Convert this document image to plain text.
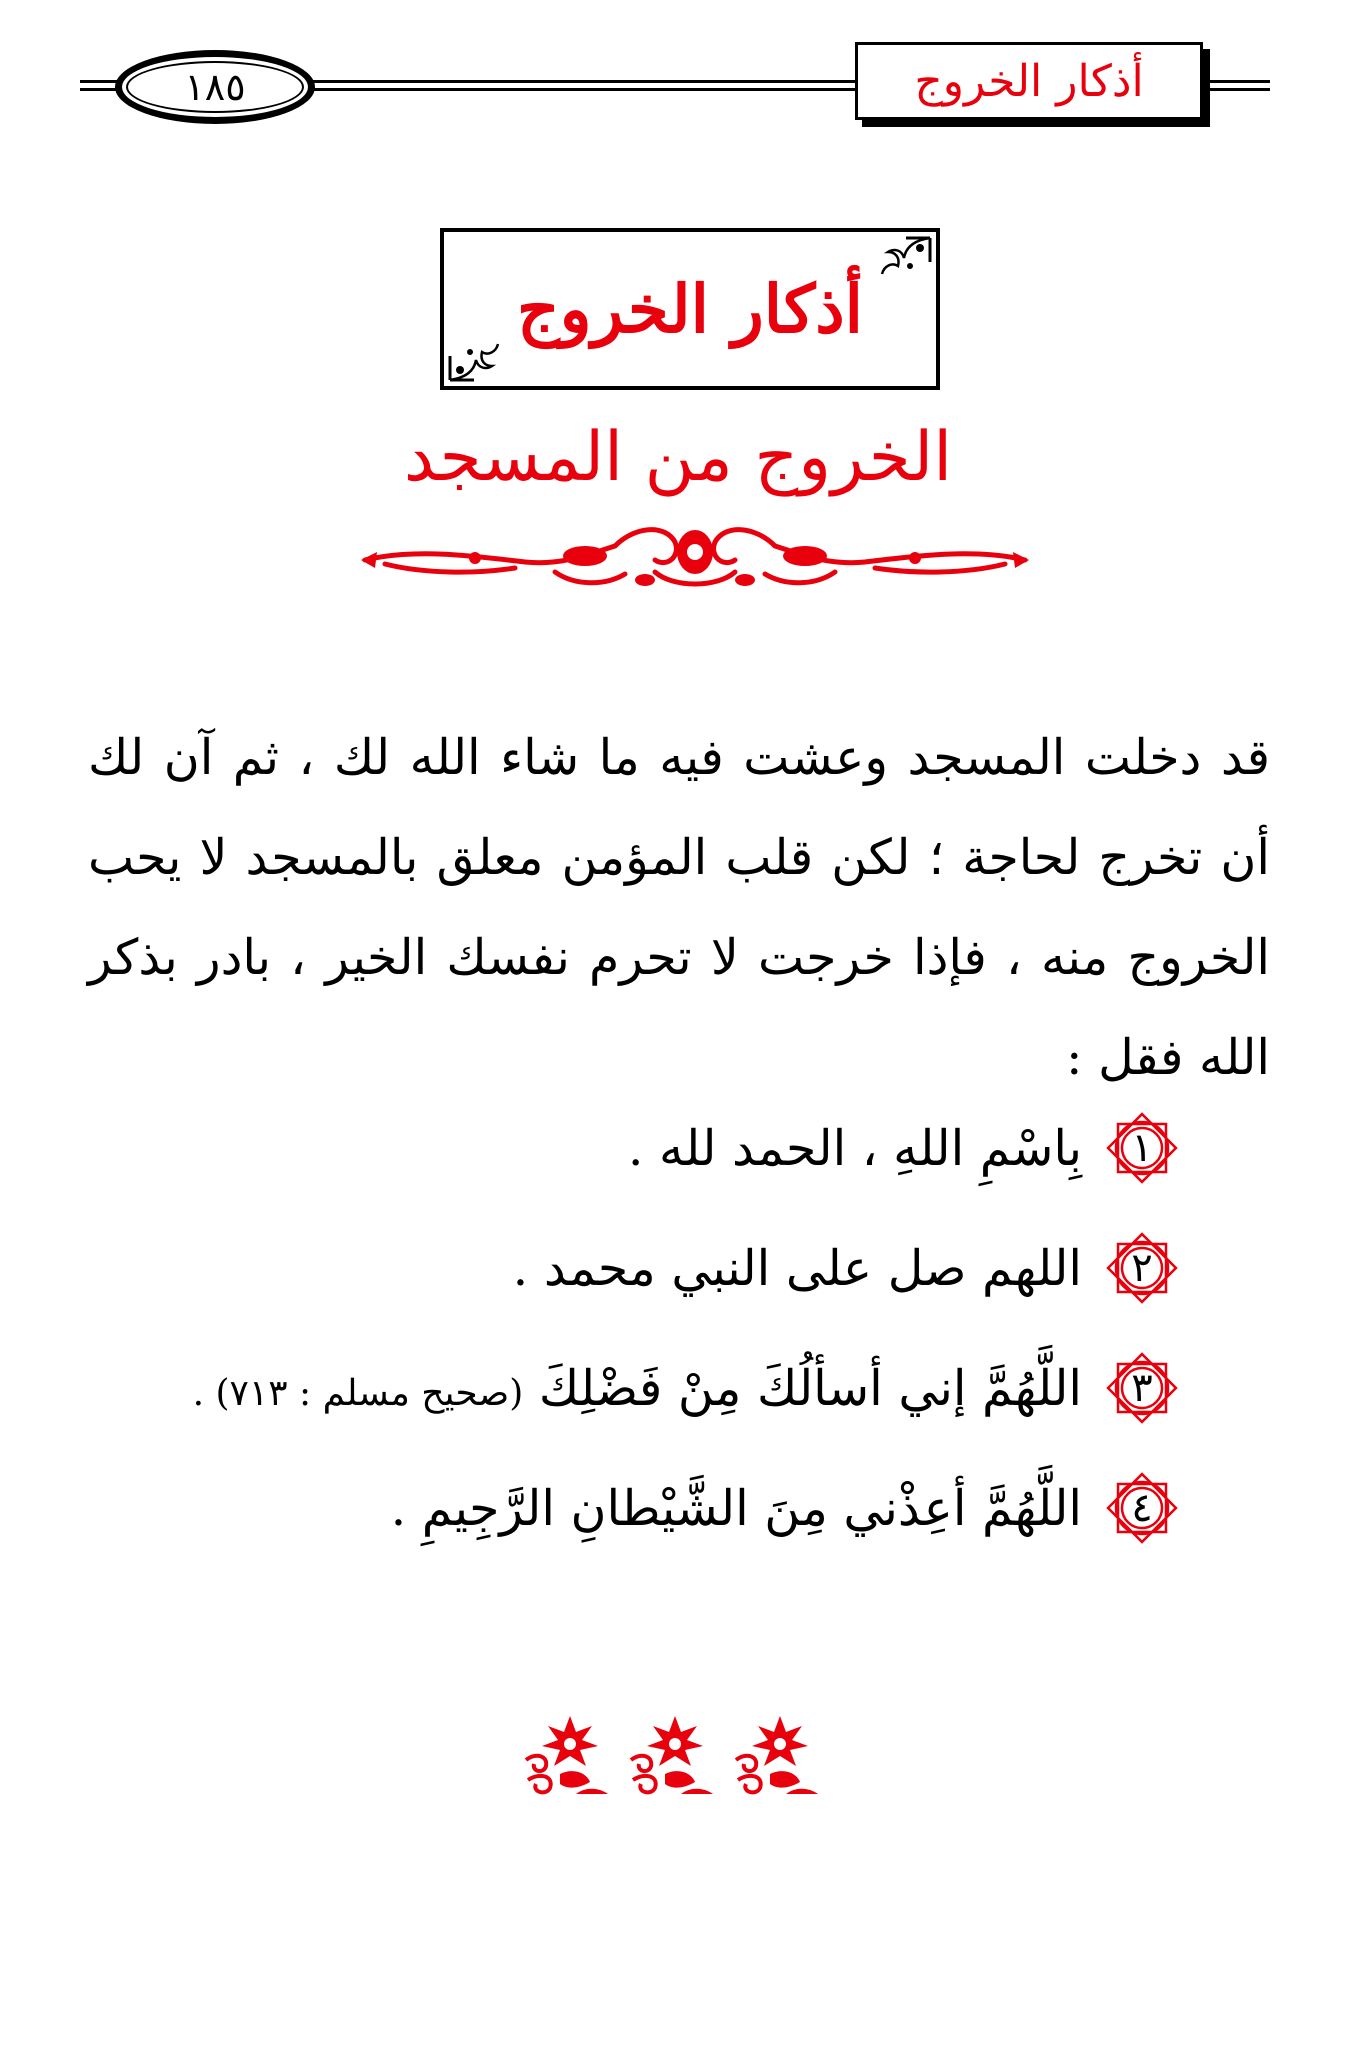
١٨٥	أذكار الخروج
أذكار الخروج
الخروج من المسجد

قد دخلت المسجد وعشت فيه ما شاء الله لك ، ثم آن لك أن تخرج لحاجة ؛ لكن قلب المؤمن معلق بالمسجد لا يحب الخروج منه ، فإذا خرجت لا تحرم نفسك الخير ، بادر بذكر الله فقل :

١
بِاسْمِ اللهِ ، الحمد لله .
٢
اللهم صل على النبي محمد .
٣
اللَّهُمَّ إني أسألُكَ مِنْ فَضْلِكَ (صحيح مسلم : ٧١٣) .
٤
اللَّهُمَّ أعِذْني مِنَ الشَّيْطانِ الرَّجِيمِ .
